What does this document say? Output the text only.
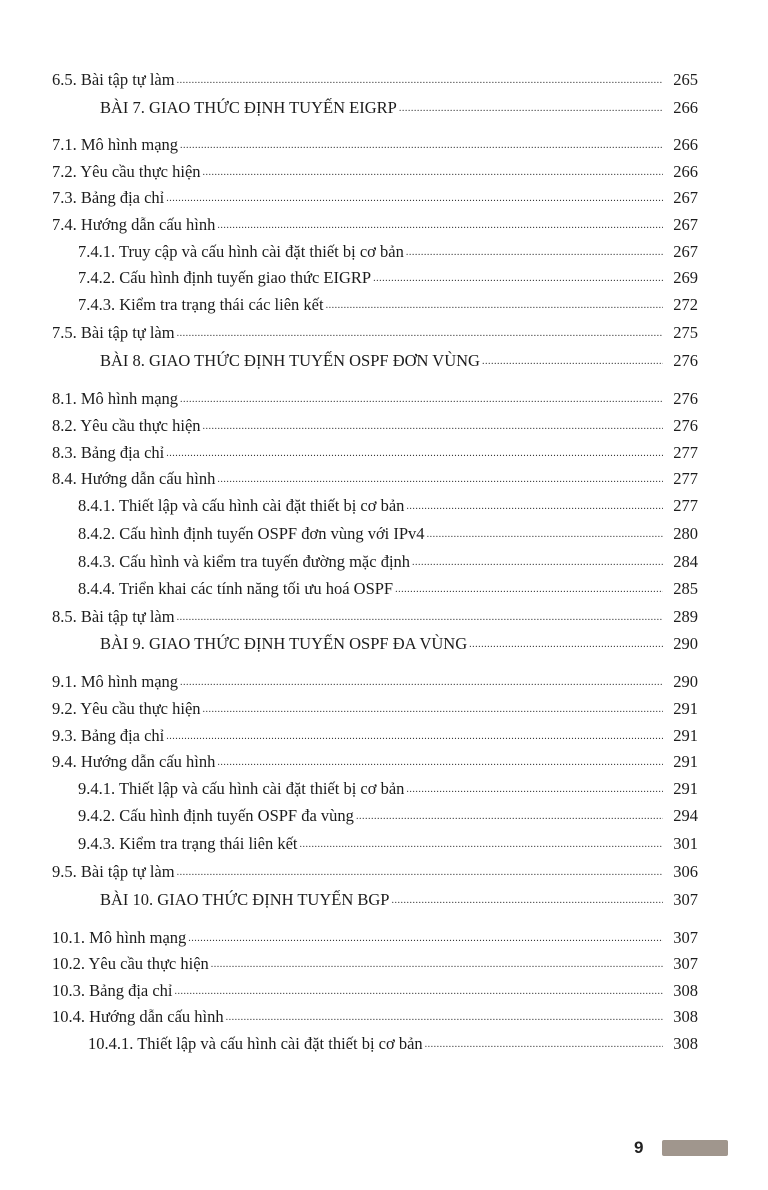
6.5. Bài tập tự làm .....	265
BÀI 7. GIAO THỨC ĐỊNH TUYẾN EIGRP .....	266
7.1. Mô hình mạng .....	266
7.2. Yêu cầu thực hiện .....	266
7.3. Bảng địa chỉ .....	267
7.4. Hướng dẫn cấu hình .....	267
7.4.1. Truy cập và cấu hình cài đặt thiết bị cơ bản .....	267
7.4.2. Cấu hình định tuyến giao thức EIGRP .....	269
7.4.3. Kiểm tra trạng thái các liên kết .....	272
7.5. Bài tập tự làm .....	275
BÀI 8. GIAO THỨC ĐỊNH TUYẾN OSPF ĐƠN VÙNG .....	276
8.1. Mô hình mạng .....	276
8.2. Yêu cầu thực hiện .....	276
8.3. Bảng địa chỉ .....	277
8.4. Hướng dẫn cấu hình .....	277
8.4.1. Thiết lập và cấu hình cài đặt thiết bị cơ bản .....	277
8.4.2. Cấu hình định tuyến OSPF đơn vùng với IPv4 .....	280
8.4.3. Cấu hình và kiểm tra tuyến đường mặc định .....	284
8.4.4. Triển khai các tính năng tối ưu hoá OSPF .....	285
8.5. Bài tập tự làm .....	289
BÀI 9. GIAO THỨC ĐỊNH TUYẾN OSPF ĐA VÙNG .....	290
9.1. Mô hình mạng .....	290
9.2. Yêu cầu thực hiện .....	291
9.3. Bảng địa chỉ .....	291
9.4. Hướng dẫn cấu hình .....	291
9.4.1. Thiết lập và cấu hình cài đặt thiết bị cơ bản .....	291
9.4.2. Cấu hình định tuyến OSPF đa vùng .....	294
9.4.3. Kiểm tra trạng thái liên kết .....	301
9.5. Bài tập tự làm .....	306
BÀI 10. GIAO THỨC ĐỊNH TUYẾN BGP .....	307
10.1. Mô hình mạng .....	307
10.2. Yêu cầu thực hiện .....	307
10.3. Bảng địa chỉ .....	308
10.4. Hướng dẫn cấu hình .....	308
10.4.1. Thiết lập và cấu hình cài đặt thiết bị cơ bản .....	308
9
